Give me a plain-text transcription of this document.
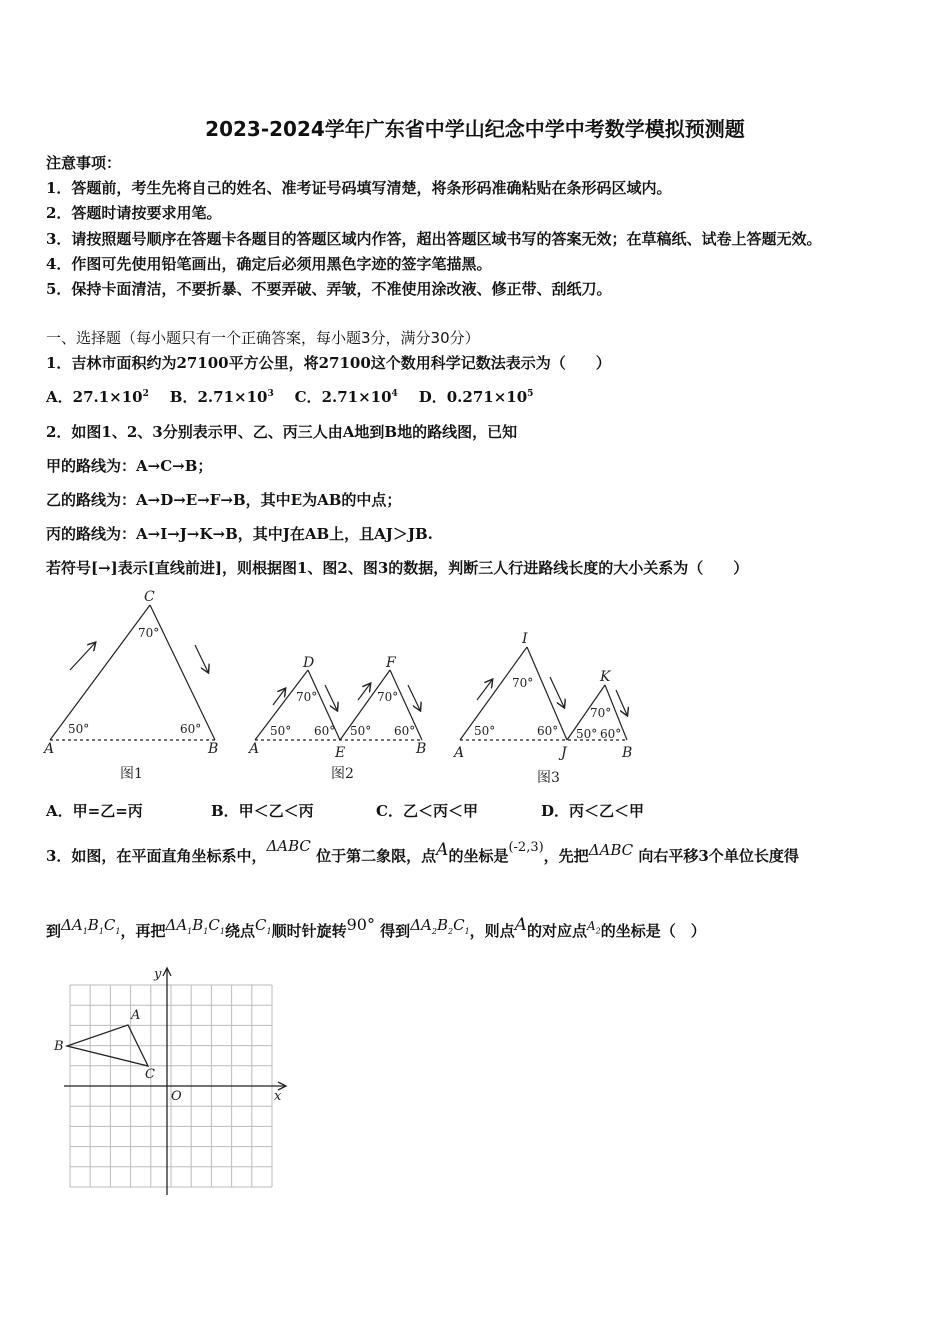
2023-2024学年广东省中学山纪念中学中考数学模拟预测题
注意事项：
1．答题前，考生先将自己的姓名、准考证号码填写清楚，将条形码准确粘贴在条形码区域内。
2．答题时请按要求用笔。
3．请按照题号顺序在答题卡各题目的答题区域内作答，超出答题区域书写的答案无效；在草稿纸、试卷上答题无效。
4．作图可先使用铅笔画出，确定后必须用黑色字迹的签字笔描黑。
5．保持卡面清洁，不要折暴、不要弄破、弄皱，不准使用涂改液、修正带、刮纸刀。
一、选择题（每小题只有一个正确答案，每小题3分，满分30分）
1．吉林市面积约为27100平方公里，将27100这个数用科学记数法表示为（　　）
A．$27.1\times 10^2$ B．$2.71\times 10^3$ C．$2.71\times 10^4$ D．$0.271\times 10^5$
2．如图1、2、3分别表示甲、乙、丙三人由A地到B地的路线图，已知
甲的路线为：A→C→B；
乙的路线为：A→D→E→F→B，其中E为AB的中点；
丙的路线为：A→I→J→K→B，其中J在AB上，且AJ＞JB.
若符号[→]表示[直线前进]，则根据图1、图2、图3的数据，判断三人行进路线长度的大小关系为（　　）
C
A	B
D	F
A	E	B
I
K
A	J	B
70°
50°	60°
70°	70°
50° 60° 50° 60°
70°
70°
50°	60° 50° 60°
图1	图2	图3
A．甲=乙=丙	B．甲＜乙＜丙	C．乙＜丙＜甲	D．丙＜乙＜甲
3．如图，在平面直角坐标系中，ΔABC 位于第二象限，点A的坐标是(-2,3)，先把ΔABC 向右平移3个单位长度得
到$\Delta A_1B_1C_1$，再把$\Delta A_1B_1C_1$绕点$C_1$顺时针旋转90° 得到$\Delta A_2B_2C_1$，则点A的对应点$^{A_2}$的坐标是（　）
x
y
O
A
B
C
